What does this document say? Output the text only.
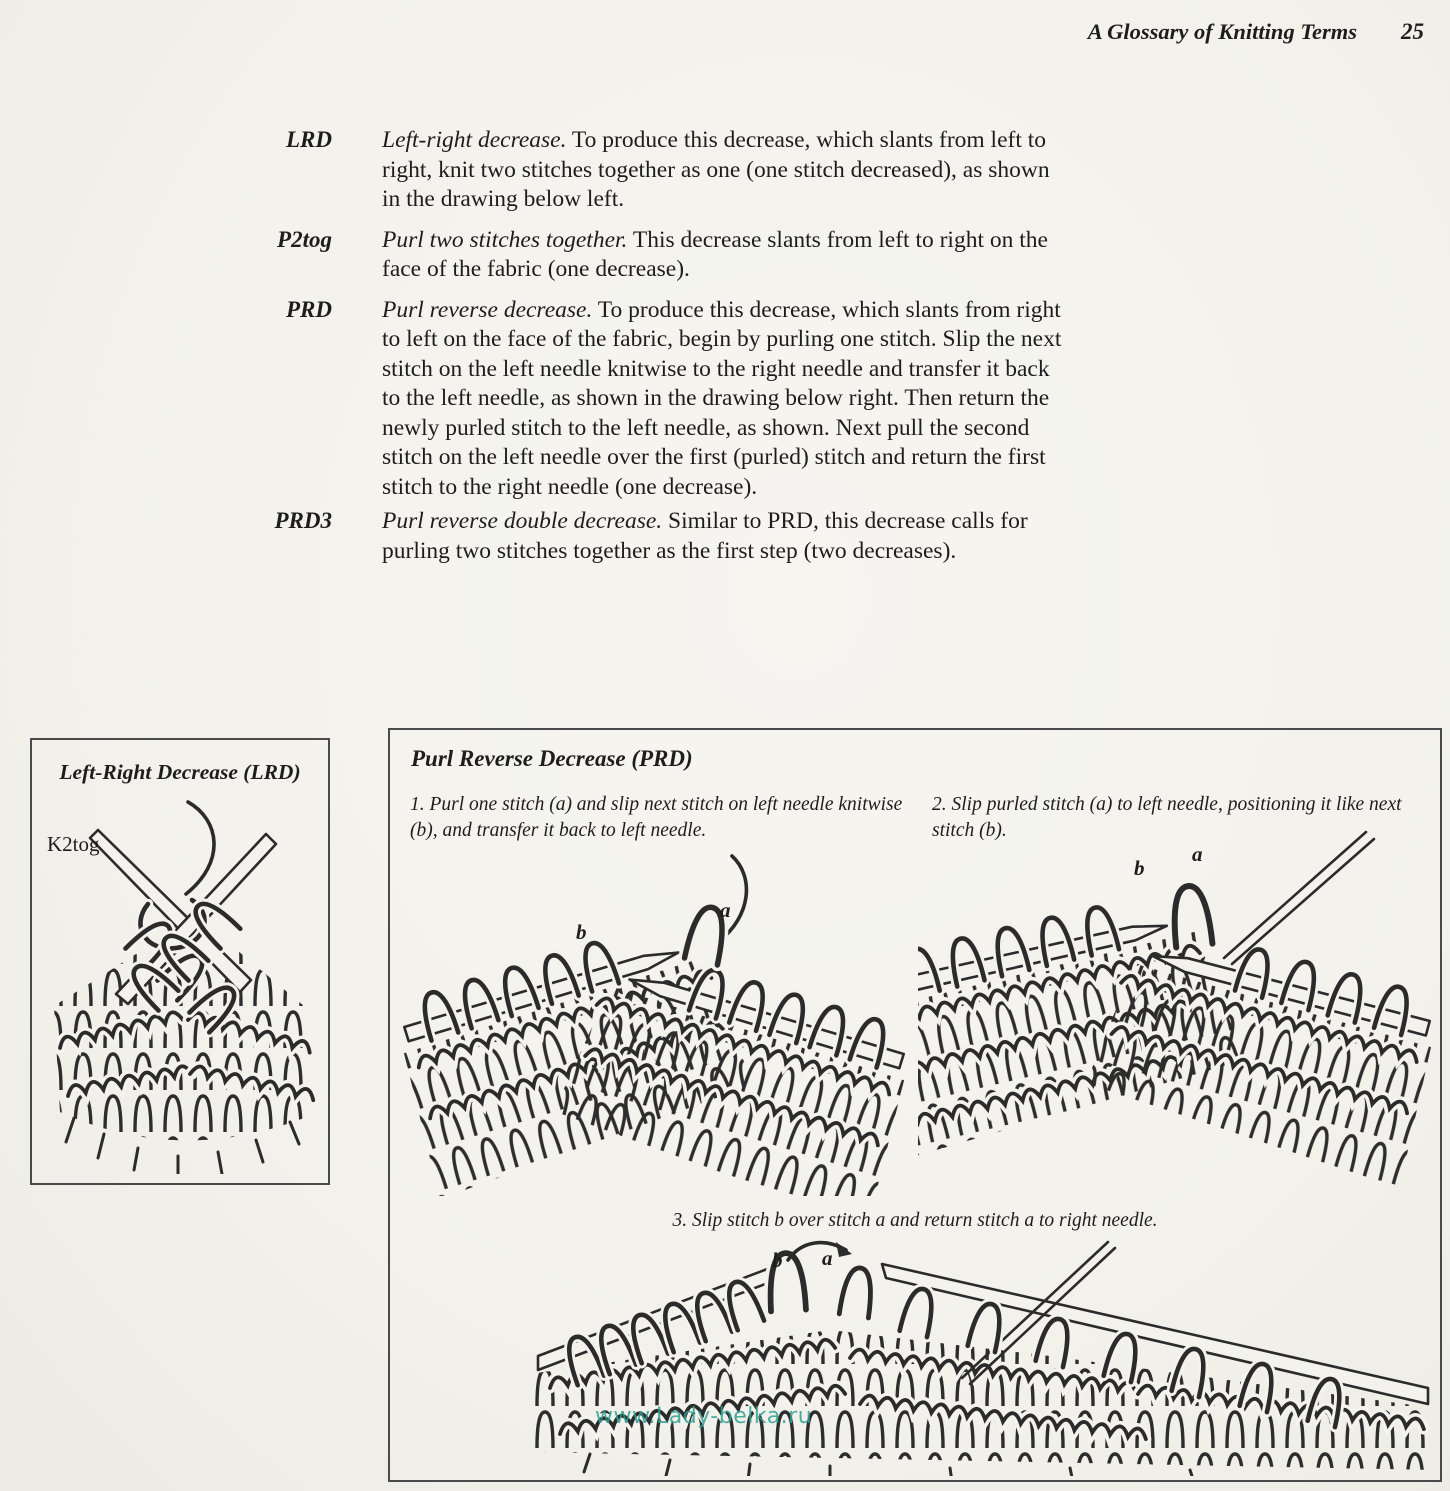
A Glossary of Knitting Terms 25
LRD Left-right decrease. To produce this decrease, which slants from left to right, knit two stitches together as one (one stitch decreased), as shown in the drawing below left.
P2tog Purl two stitches together. This decrease slants from left to right on the face of the fabric (one decrease).
PRD Purl reverse decrease. To produce this decrease, which slants from right to left on the face of the fabric, begin by purling one stitch. Slip the next stitch on the left needle knitwise to the right needle and transfer it back to the left needle, as shown in the drawing below right. Then return the newly purled stitch to the left needle, as shown. Next pull the second stitch on the left needle over the first (purled) stitch and return the first stitch to the right needle (one decrease).
PRD3 Purl reverse double decrease. Similar to PRD, this decrease calls for purling two stitches together as the first step (two decreases).
Left-Right Decrease (LRD)
K2tog
Purl Reverse Decrease (PRD)
1. Purl one stitch (a) and slip next stitch on left needle knitwise (b), and transfer it back to left needle.
2. Slip purled stitch (a) to left needle, positioning it like next stitch (b).
3. Slip stitch b over stitch a and return stitch a to right needle.
b
a
b
a
b a
www.Lady-belka.ru
